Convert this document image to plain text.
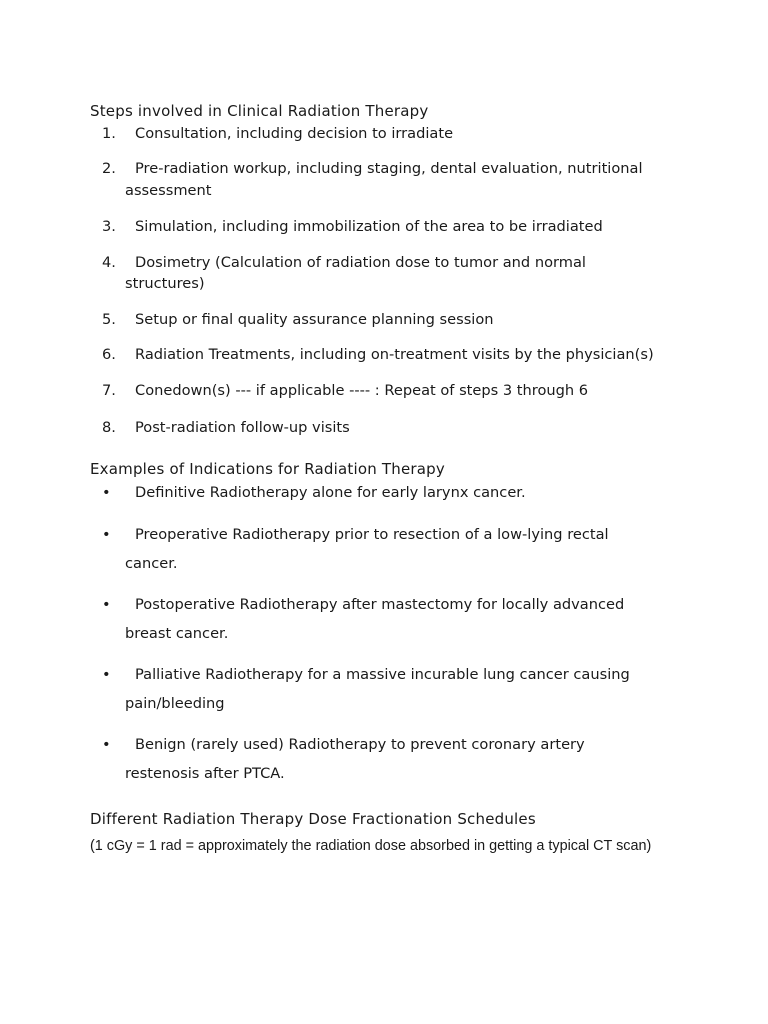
Steps involved in Clinical Radiation Therapy
1.	Consultation, including decision to irradiate
2.	Pre-radiation workup, including staging, dental evaluation, nutritional
assessment
3.	Simulation, including immobilization of the area to be irradiated
4.	Dosimetry (Calculation of radiation dose to tumor and normal
structures)
5.	Setup or final quality assurance planning session
6.	Radiation Treatments, including on-treatment visits by the physician(s)
7.	Conedown(s) --- if applicable ---- : Repeat of steps 3 through 6
8.	Post-radiation follow-up visits
Examples of Indications for Radiation Therapy
•	Definitive Radiotherapy alone for early larynx cancer.
•	Preoperative Radiotherapy prior to resection of a low-lying rectal
cancer.
•	Postoperative Radiotherapy after mastectomy for locally advanced
breast cancer.
•	Palliative Radiotherapy for a massive incurable lung cancer causing
pain/bleeding
•	Benign (rarely used) Radiotherapy to prevent coronary artery
restenosis after PTCA.
Different Radiation Therapy Dose Fractionation Schedules
(1 cGy = 1 rad = approximately the radiation dose absorbed in getting a typical CT scan)
